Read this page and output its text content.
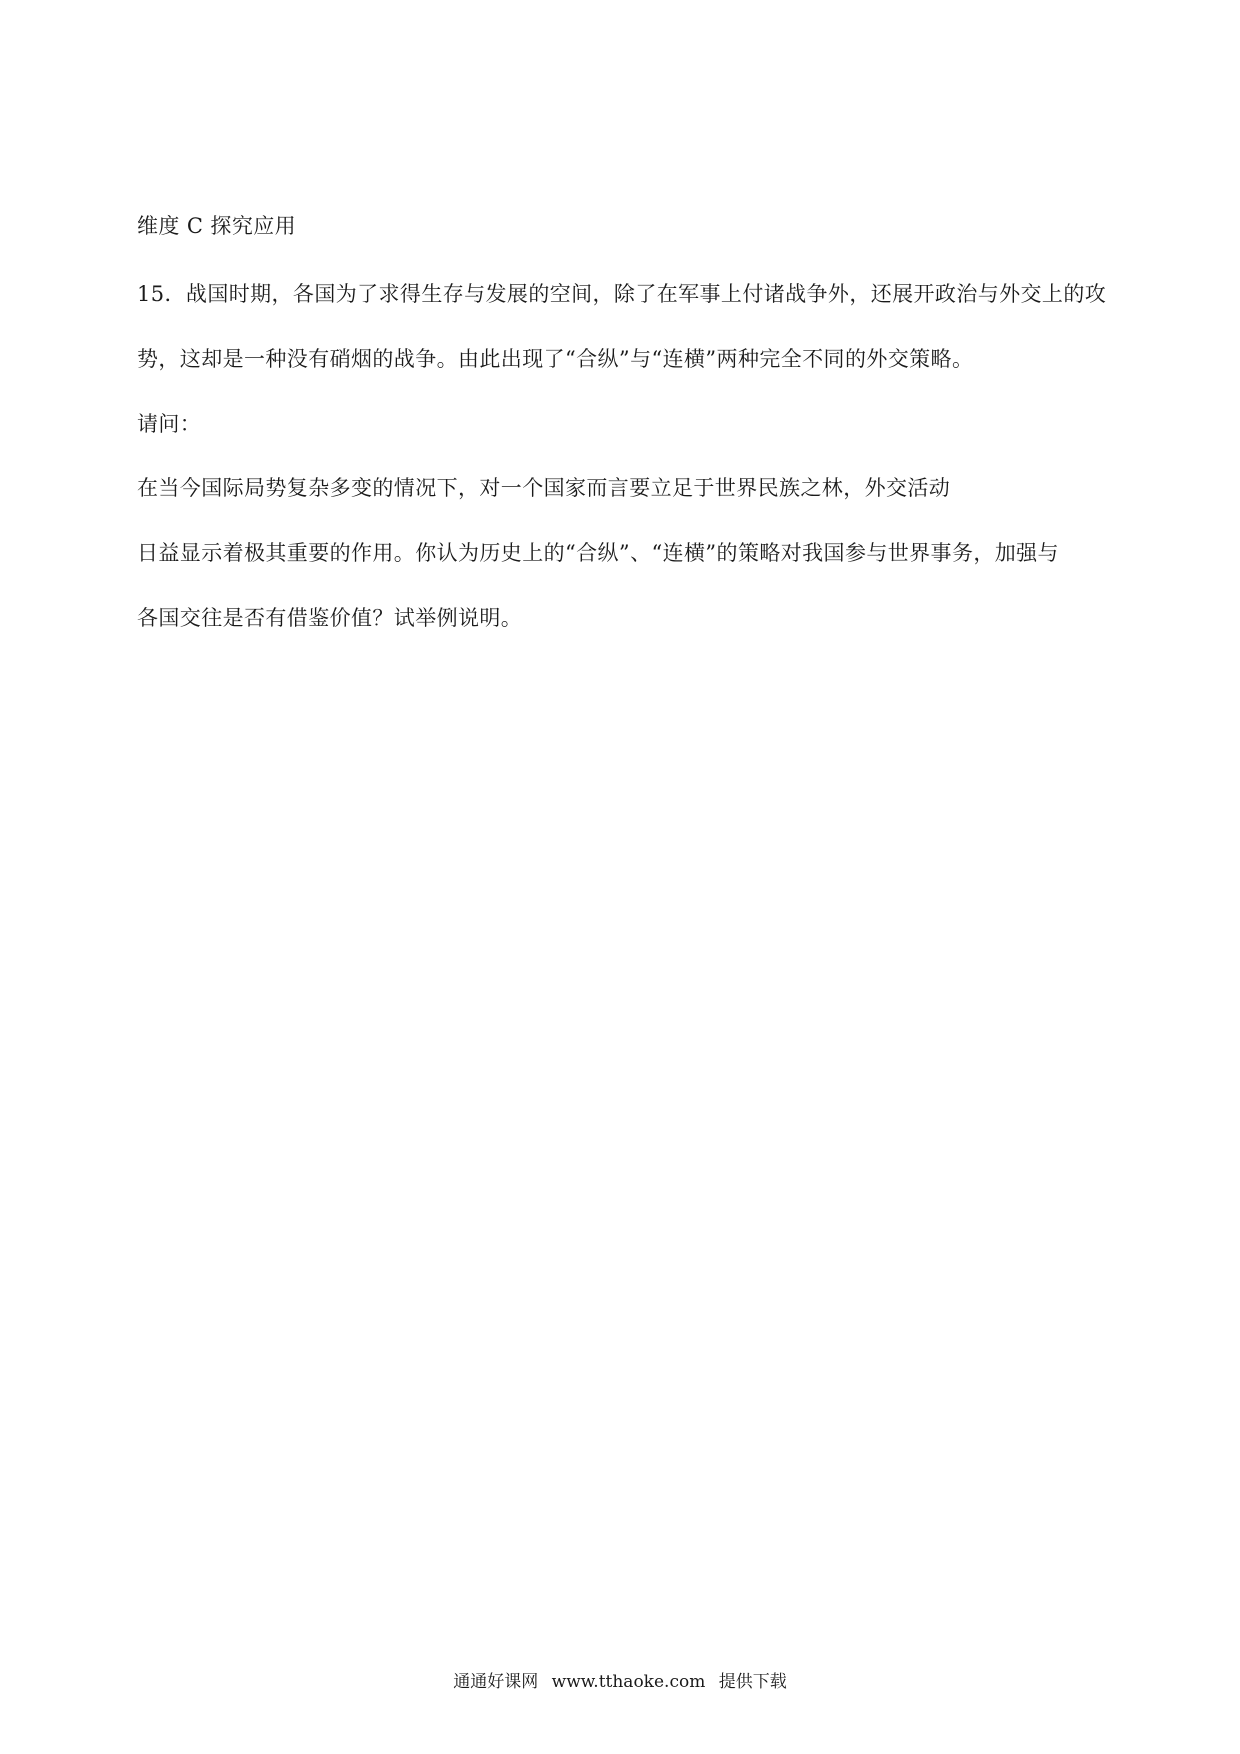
维度 C 探究应用
15．战国时期，各国为了求得生存与发展的空间，除了在军事上付诸战争外，还展开政治与外交上的攻
势，这却是一种没有硝烟的战争。由此出现了“合纵”与“连横”两种完全不同的外交策略。
请问：
在当今国际局势复杂多变的情况下，对一个国家而言要立足于世界民族之林，外交活动
日益显示着极其重要的作用。你认为历史上的“合纵”、“连横”的策略对我国参与世界事务，加强与
各国交往是否有借鉴价值？试举例说明。
通通好课网 www.tthaoke.com 提供下载
